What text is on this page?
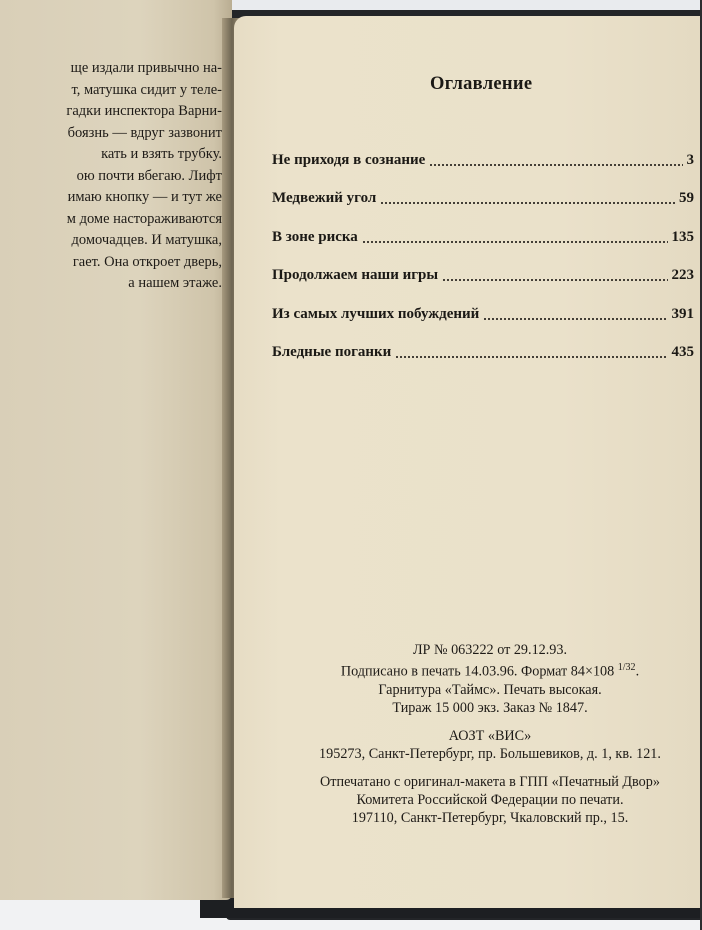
ще издали привычно на-
т, матушка сидит у теле-
гадки инспектора Варни-
боязнь — вдруг зазвонит
кать и взять трубку.
ою почти вбегаю. Лифт
имаю кнопку — и тут же
м доме настораживаются
домочадцев. И матушка,
гает. Она откроет дверь,
а нашем этаже.
Оглавление
Не приходя в сознание	3
Медвежий угол	59
В зоне риска	135
Продолжаем наши игры	223
Из самых лучших побуждений	391
Бледные поганки	435
ЛР № 063222 от 29.12.93.
Подписано в печать 14.03.96. Формат 84×108 $^{1/32}$.
Гарнитура «Таймс». Печать высокая.
Тираж 15 000 экз. Заказ № 1847.
АОЗТ «ВИС»
195273, Санкт-Петербург, пр. Большевиков, д. 1, кв. 121.
Отпечатано с оригинал-макета в ГПП «Печатный Двор»
Комитета Российской Федерации по печати.
197110, Санкт-Петербург, Чкаловский пр., 15.
